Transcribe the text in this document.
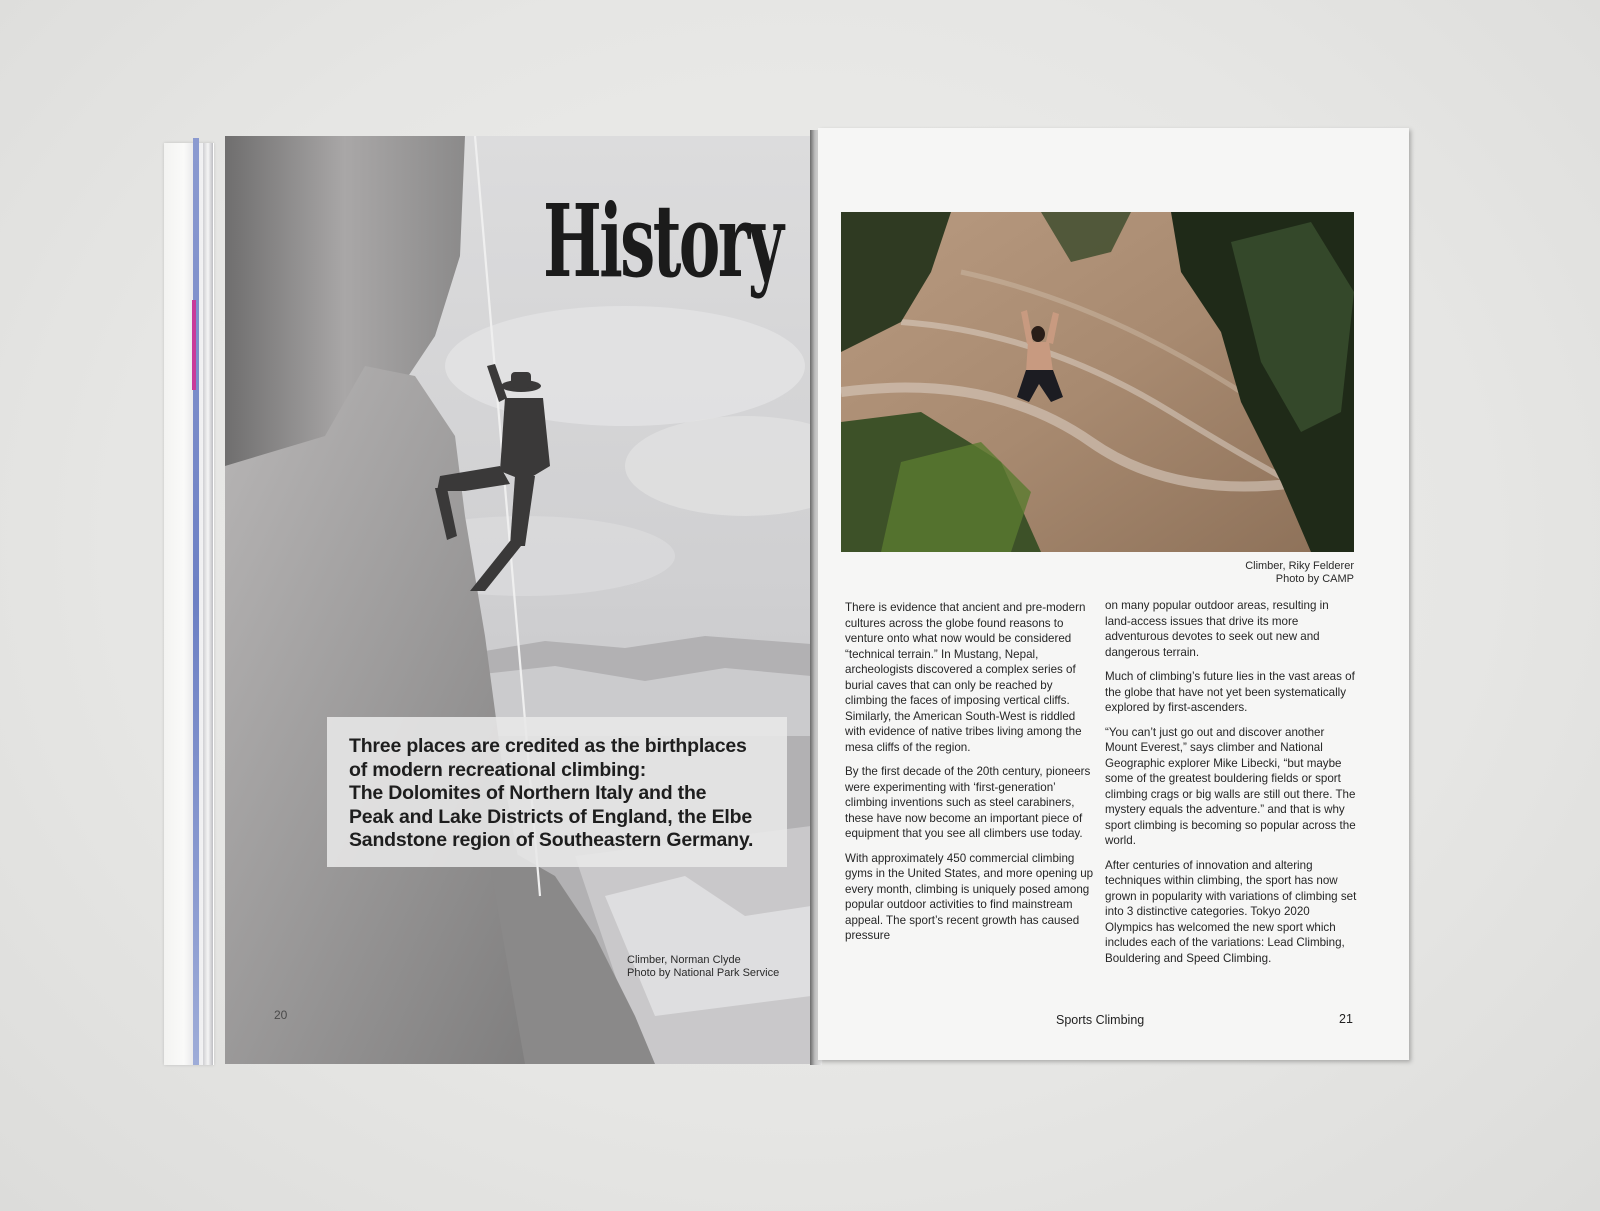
History

Three places are credited as the birthplaces

of modern recreational climbing:

The Dolomites of Northern Italy and the

Peak and Lake Districts of England, the Elbe

Sandstone region of Southeastern Germany.

Climber, Norman Clyde
Photo by National Park Service
20
Climber, Riky Felderer
Photo by CAMP

There is evidence that ancient and pre-modern cultures across the globe found reasons to venture onto what now would be considered “technical terrain.” In Mustang, Nepal, archeologists discovered a complex series of burial caves that can only be reached by climbing the faces of imposing vertical cliffs. Similarly, the American South-West is riddled with evidence of native tribes living among the mesa cliffs of the region.

By the first decade of the 20th century, pioneers were experimenting with ‘first-generation’ climbing inventions such as steel carabiners, these have now become an important piece of equipment that you see all climbers use today.

With approximately 450 commercial climbing gyms in the United States, and more opening up every month, climbing is uniquely posed among popular outdoor activities to find mainstream appeal. The sport’s recent growth has caused pressure

on many popular outdoor areas, resulting in land-access issues that drive its more adventurous devotes to seek out new and dangerous terrain.

Much of climbing’s future lies in the vast areas of the globe that have not yet been systematically explored by first-ascenders.

“You can’t just go out and discover another Mount Everest,” says climber and National Geographic explorer Mike Libecki, “but maybe some of the greatest bouldering fields or sport climbing crags or big walls are still out there. The mystery equals the adventure.” and that is why sport climbing is becoming so popular across the world.

After centuries of innovation and altering techniques within climbing, the sport has now grown in popularity with variations of climbing set into 3 distinctive categories. Tokyo 2020 Olympics has welcomed the new sport which includes each of the variations: Lead Climbing, Bouldering and Speed Climbing.

Sports Climbing	21
